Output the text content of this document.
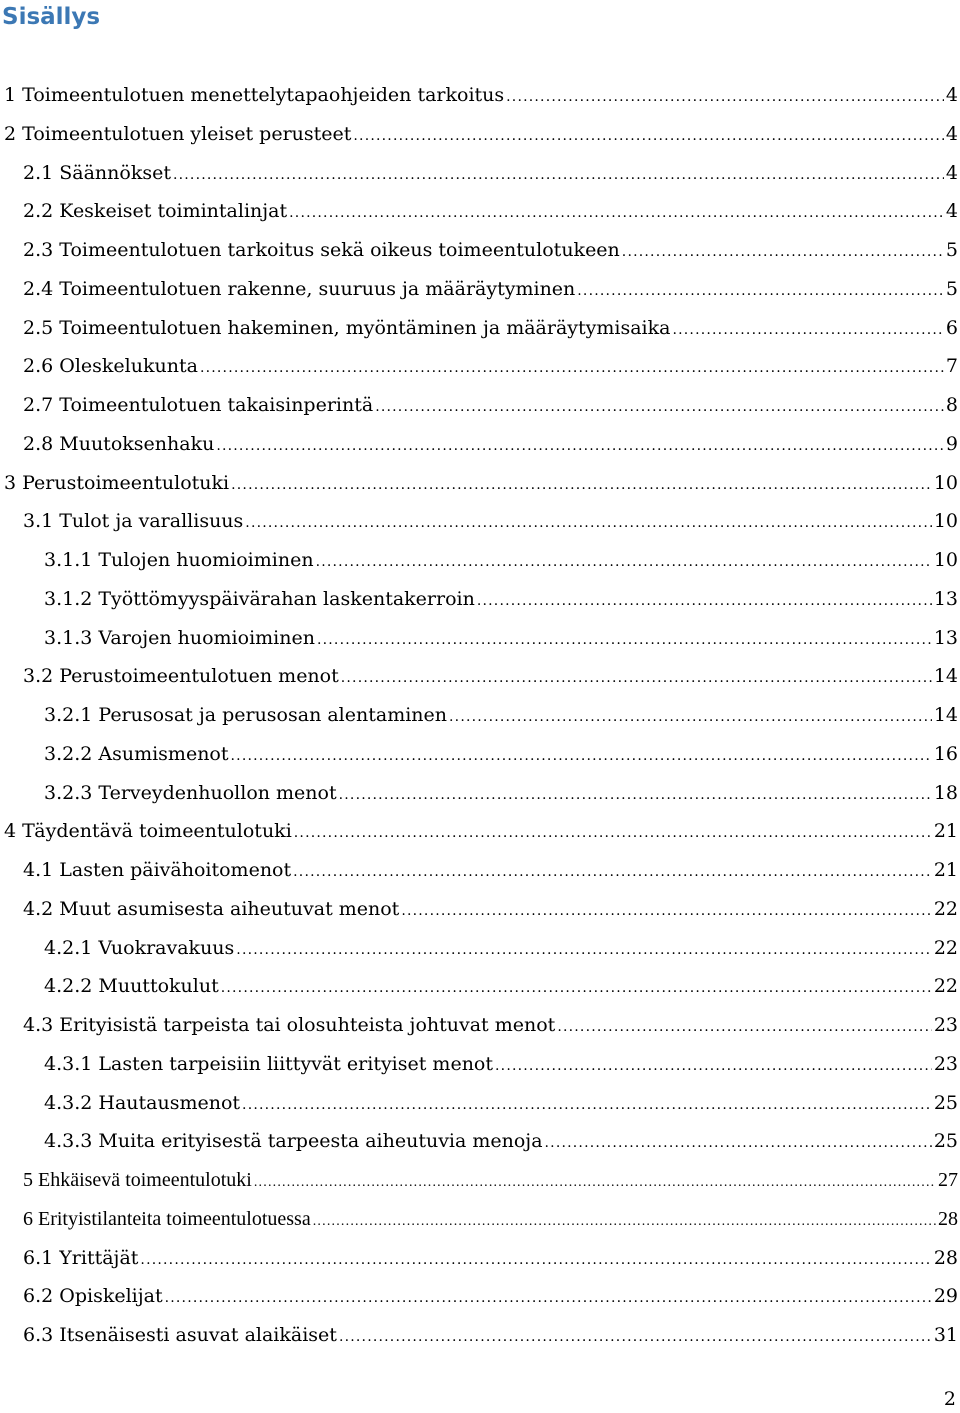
Sisällys
1 Toimeentulotuen menettelytapaohjeiden tarkoitus .....	4
2 Toimeentulotuen yleiset perusteet .....	4
2.1 Säännökset .....	4
2.2 Keskeiset toimintalinjat .....	4
2.3 Toimeentulotuen tarkoitus sekä oikeus toimeentulotukeen .....	5
2.4 Toimeentulotuen rakenne, suuruus ja määräytyminen .....	5
2.5 Toimeentulotuen hakeminen, myöntäminen ja määräytymisaika .....	6
2.6 Oleskelukunta .....	7
2.7 Toimeentulotuen takaisinperintä .....	8
2.8 Muutoksenhaku .....	9
3 Perustoimeentulotuki .....	10
3.1 Tulot ja varallisuus .....	10
3.1.1 Tulojen huomioiminen .....	10
3.1.2 Työttömyyspäivärahan laskentakerroin .....	13
3.1.3 Varojen huomioiminen .....	13
3.2 Perustoimeentulotuen menot .....	14
3.2.1 Perusosat ja perusosan alentaminen .....	14
3.2.2 Asumismenot .....	16
3.2.3 Terveydenhuollon menot .....	18
4 Täydentävä toimeentulotuki .....	21
4.1 Lasten päivähoitomenot .....	21
4.2 Muut asumisesta aiheutuvat menot .....	22
4.2.1 Vuokravakuus .....	22
4.2.2 Muuttokulut .....	22
4.3 Erityisistä tarpeista tai olosuhteista johtuvat menot .....	23
4.3.1 Lasten tarpeisiin liittyvät erityiset menot .....	23
4.3.2 Hautausmenot .....	25
4.3.3 Muita erityisestä tarpeesta aiheutuvia menoja .....	25
5 Ehkäisevä toimeentulotuki .....	27
6 Erityistilanteita toimeentulotuessa .....	28
6.1 Yrittäjät .....	28
6.2 Opiskelijat .....	29
6.3 Itsenäisesti asuvat alaikäiset .....	31
2
